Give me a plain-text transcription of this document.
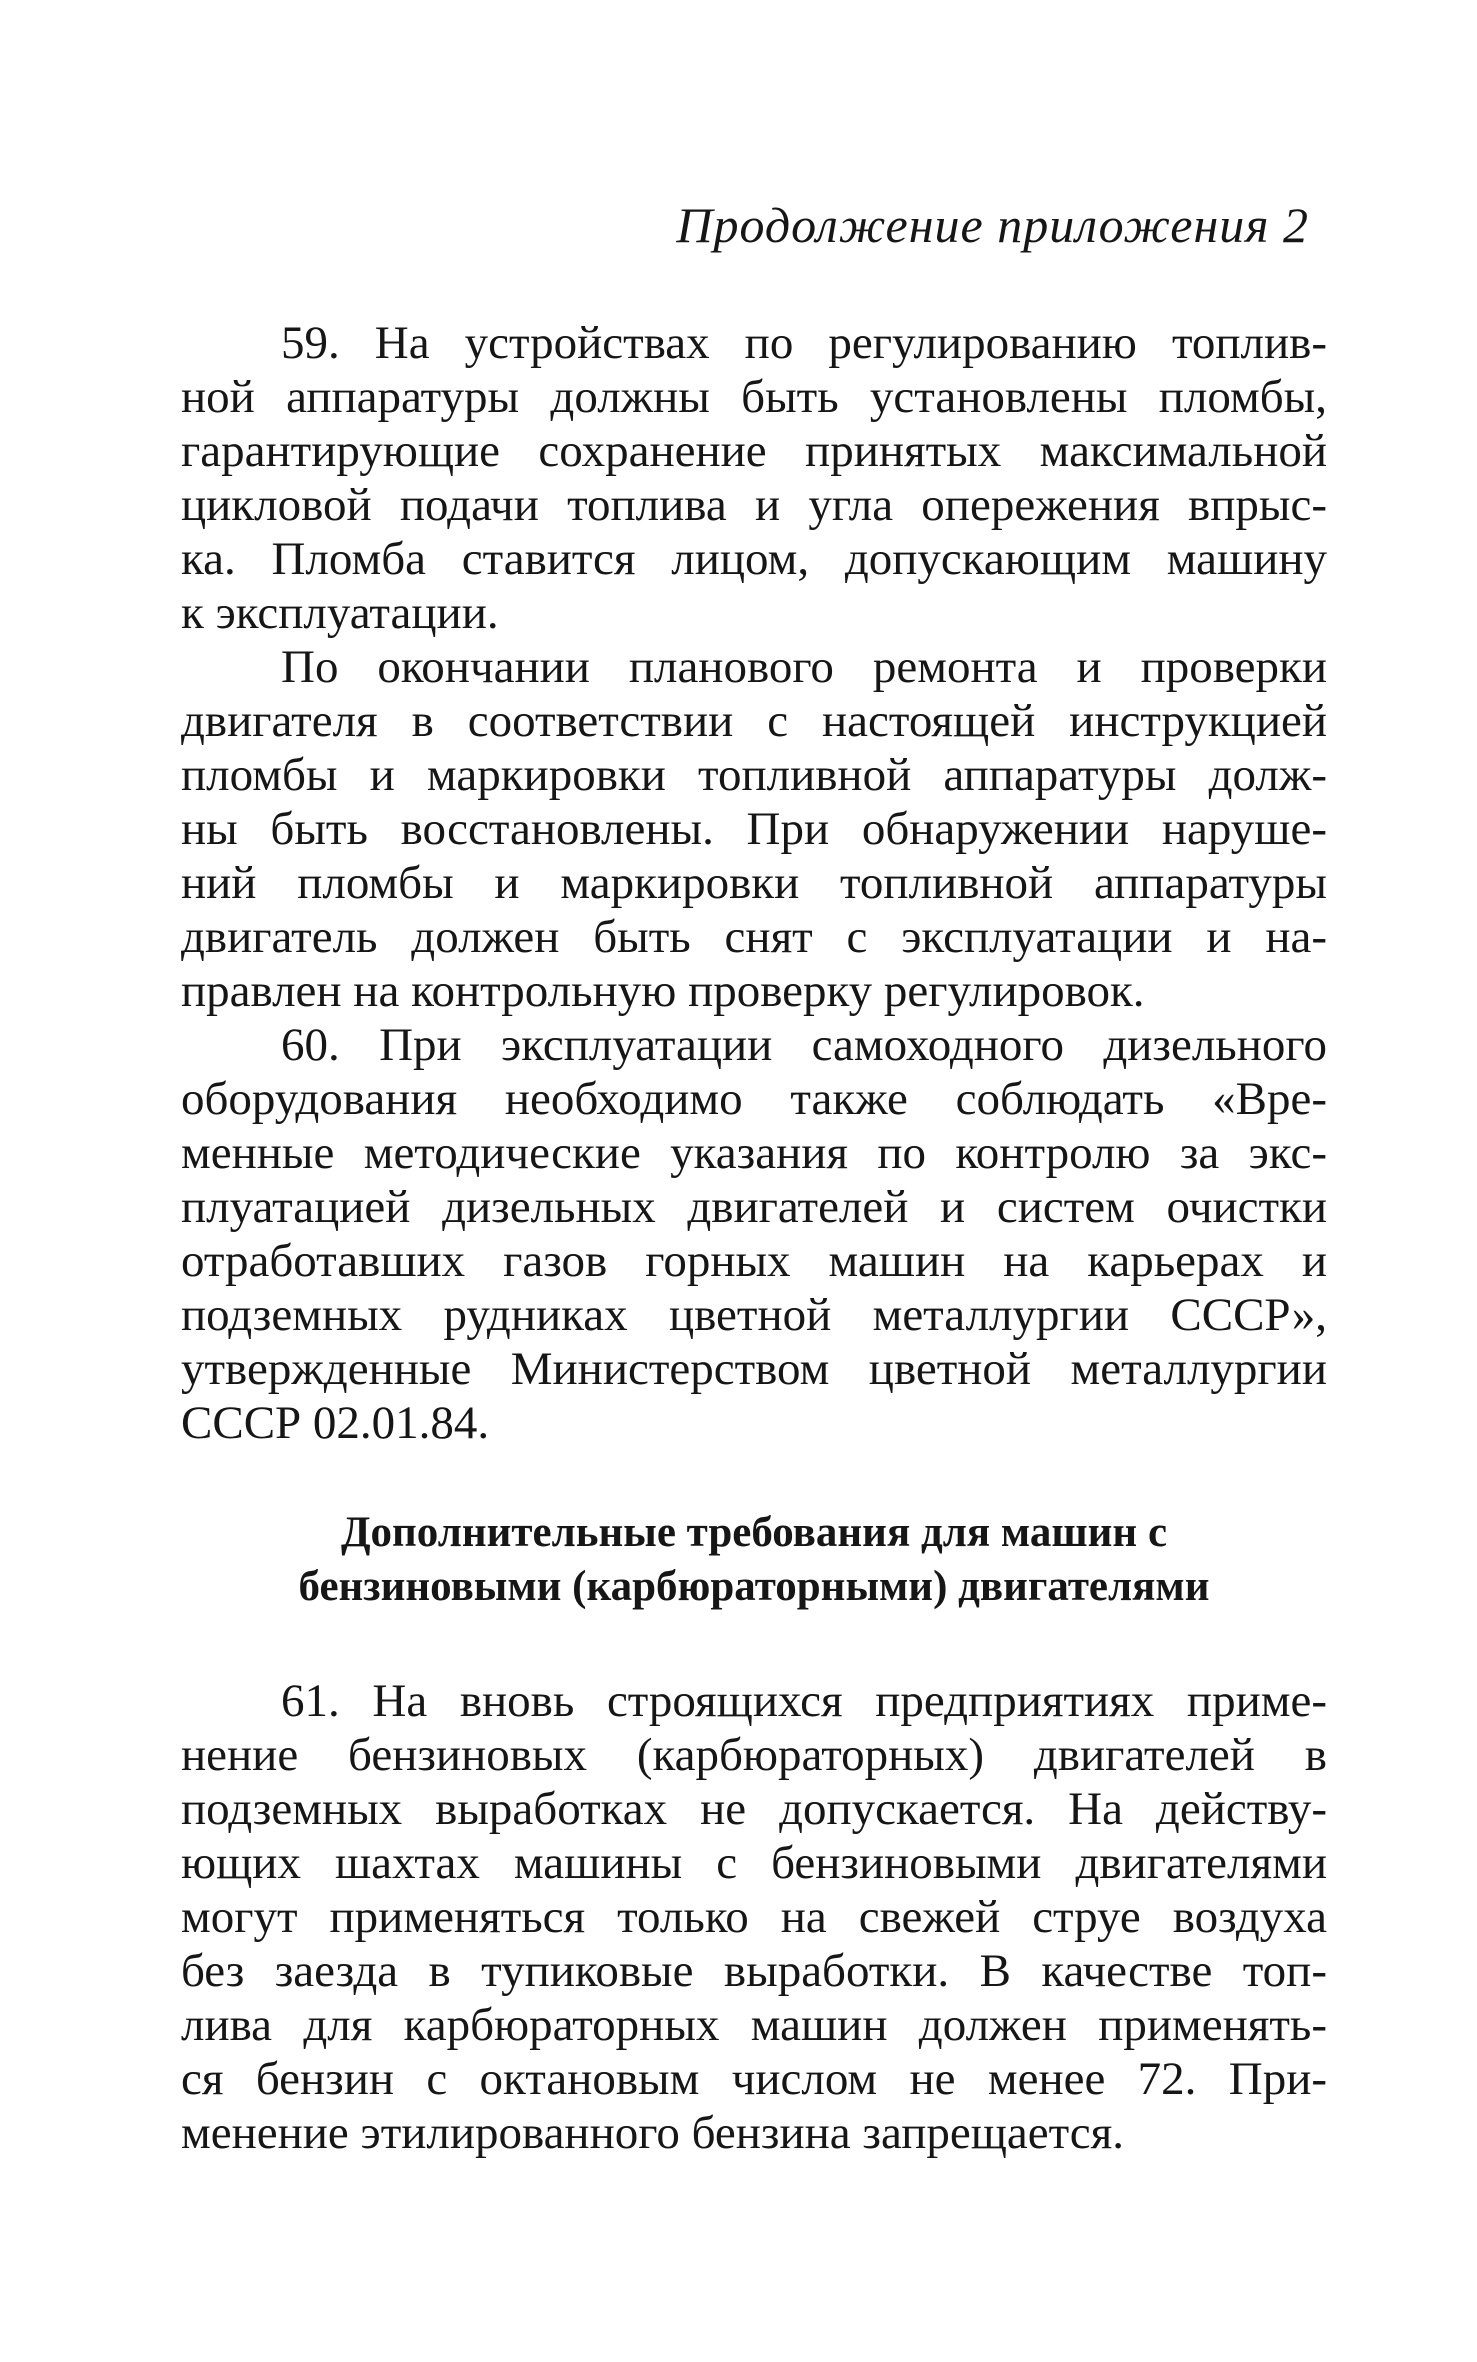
Продолжение приложения 2

59. На устройствах по регулированию топлив-

ной аппаратуры должны быть установлены пломбы,

гарантирующие сохранение принятых максимальной

цикловой подачи топлива и угла опережения впрыс-

ка. Пломба ставится лицом, допускающим машину

к эксплуатации.

По окончании планового ремонта и проверки

двигателя в соответствии с настоящей инструкцией

пломбы и маркировки топливной аппаратуры долж-

ны быть восстановлены. При обнаружении наруше-

ний пломбы и маркировки топливной аппаратуры

двигатель должен быть снят с эксплуатации и на-

правлен на контрольную проверку регулировок.

60. При эксплуатации самоходного дизельного

оборудования необходимо также соблюдать «Вре-

менные методические указания по контролю за экс-

плуатацией дизельных двигателей и систем очистки

отработавших газов горных машин на карьерах и

подземных рудниках цветной металлургии СССР»,

утвержденные Министерством цветной металлургии

СССР 02.01.84.

Дополнительные требования для машин с

бензиновыми (карбюраторными) двигателями

61. На вновь строящихся предприятиях приме-

нение бензиновых (карбюраторных) двигателей в

подземных выработках не допускается. На действу-

ющих шахтах машины с бензиновыми двигателями

могут применяться только на свежей струе воздуха

без заезда в тупиковые выработки. В качестве топ-

лива для карбюраторных машин должен применять-

ся бензин с октановым числом не менее 72. При-

менение этилированного бензина запрещается.
